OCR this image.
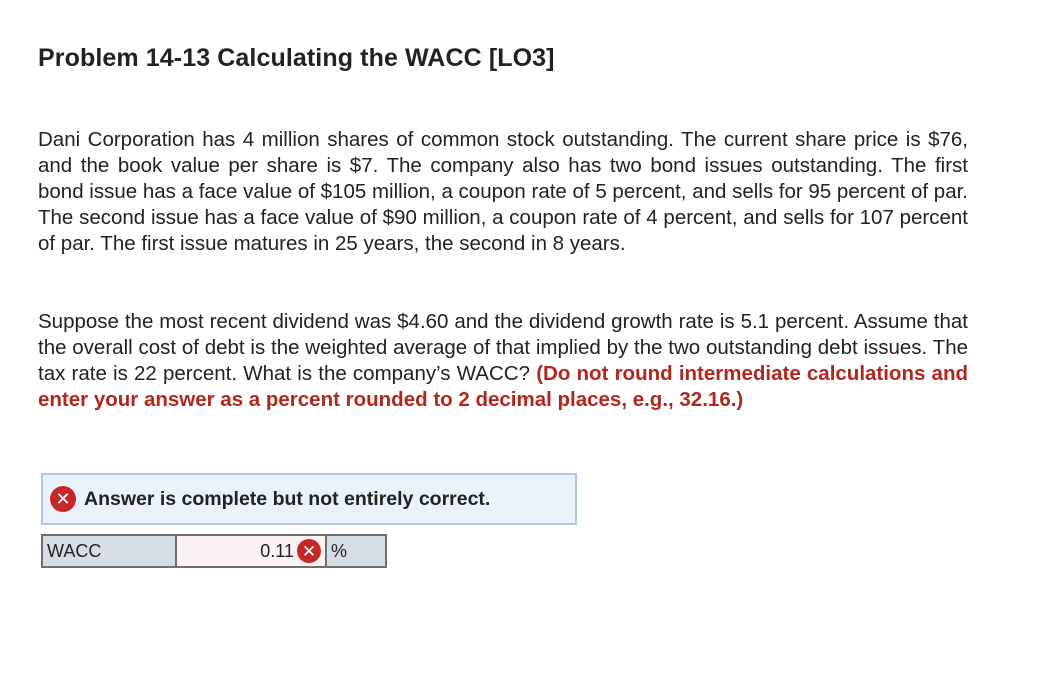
Problem 14-13 Calculating the WACC [LO3]
Dani Corporation has 4 million shares of common stock outstanding. The current share price is $76, and the book value per share is $7. The company also has two bond issues outstanding. The first bond issue has a face value of $105 million, a coupon rate of 5 percent, and sells for 95 percent of par. The second issue has a face value of $90 million, a coupon rate of 4 percent, and sells for 107 percent of par. The first issue matures in 25 years, the second in 8 years.
Suppose the most recent dividend was $4.60 and the dividend growth rate is 5.1 percent. Assume that the overall cost of debt is the weighted average of that implied by the two outstanding debt issues. The tax rate is 22 percent. What is the company’s WACC? (Do not round intermediate calculations and enter your answer as a percent rounded to 2 decimal places, e.g., 32.16.)
✕ Answer is complete but not entirely correct.
WACC	0.11 ✕ %
